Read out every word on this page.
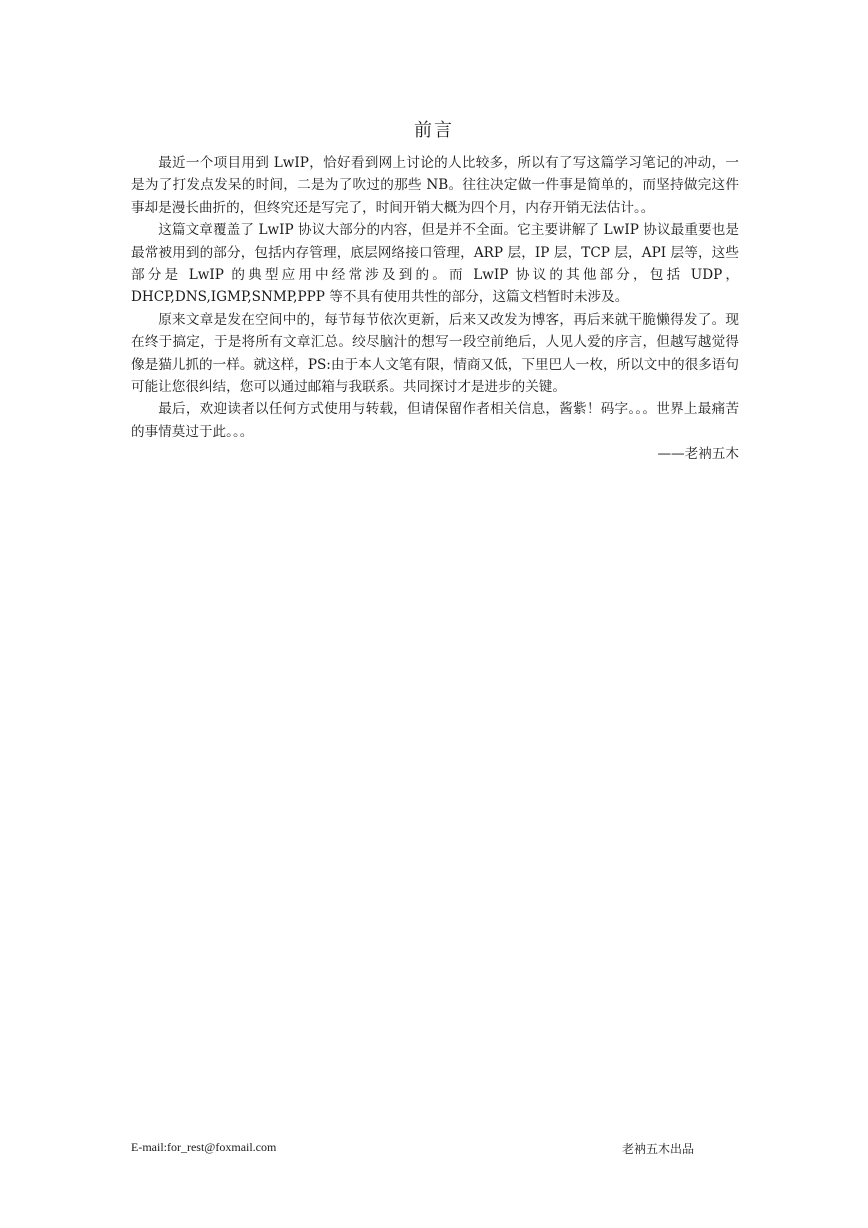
前言

最近一个项目用到 LwIP，恰好看到网上讨论的人比较多，所以有了写这篇学习笔记的冲动，一是为了打发点发呆的时间，二是为了吹过的那些 NB。往往决定做一件事是简单的，而坚持做完这件事却是漫长曲折的，但终究还是写完了，时间开销大概为四个月，内存开销无法估计。。

这篇文章覆盖了 LwIP 协议大部分的内容，但是并不全面。它主要讲解了 LwIP 协议最重要也是最常被用到的部分，包括内存管理，底层网络接口管理，ARP 层，IP 层，TCP 层，API 层等，这些部分是 LwIP 的典型应用中经常涉及到的。而 LwIP 协议的其他部分，包括 UDP，DHCP,DNS,IGMP,SNMP,PPP 等不具有使用共性的部分，这篇文档暂时未涉及。

原来文章是发在空间中的，每节每节依次更新，后来又改发为博客，再后来就干脆懒得发了。现在终于搞定，于是将所有文章汇总。绞尽脑汁的想写一段空前绝后，人见人爱的序言，但越写越觉得像是猫儿抓的一样。就这样，PS:由于本人文笔有限，情商又低，下里巴人一枚，所以文中的很多语句可能让您很纠结，您可以通过邮箱与我联系。共同探讨才是进步的关键。

最后，欢迎读者以任何方式使用与转载，但请保留作者相关信息，酱紫！码字。。。世界上最痛苦的事情莫过于此。。。

——老衲五木
E-mail:for_rest@foxmail.com	老衲五木出品
